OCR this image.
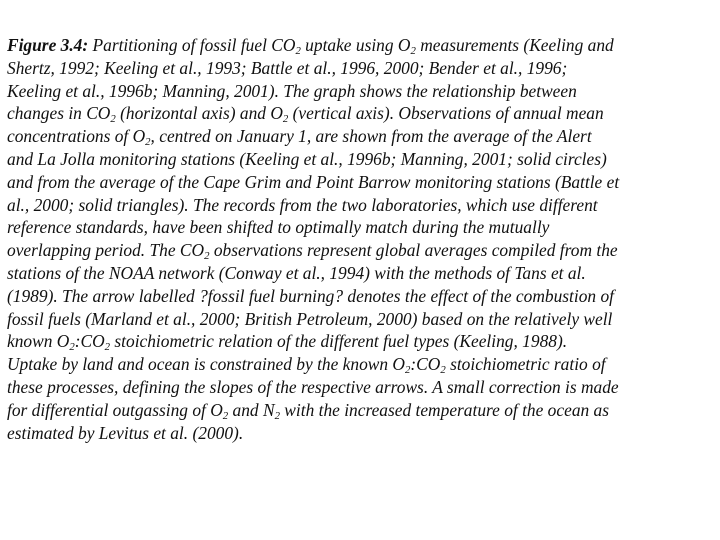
Figure 3.4: Partitioning of fossil fuel $CO_2$ uptake using $O_2$ measurements (Keeling and
Shertz, 1992; Keeling et al., 1993; Battle et al., 1996, 2000; Bender et al., 1996;
Keeling et al., 1996b; Manning, 2001). The graph shows the relationship between
changes in $CO_2$ (horizontal axis) and $O_2$ (vertical axis). Observations of annual mean
concentrations of $O_2$, centred on January 1, are shown from the average of the Alert
and La Jolla monitoring stations (Keeling et al., 1996b; Manning, 2001; solid circles)
and from the average of the Cape Grim and Point Barrow monitoring stations (Battle et
al., 2000; solid triangles). The records from the two laboratories, which use different
reference standards, have been shifted to optimally match during the mutually
overlapping period. The $CO_2$ observations represent global averages compiled from the
stations of the NOAA network (Conway et al., 1994) with the methods of Tans et al.
(1989). The arrow labelled ?fossil fuel burning? denotes the effect of the combustion of
fossil fuels (Marland et al., 2000; British Petroleum, 2000) based on the relatively well
known $O_2:CO_2$ stoichiometric relation of the different fuel types (Keeling, 1988).
Uptake by land and ocean is constrained by the known $O_2:CO_2$ stoichiometric ratio of
these processes, defining the slopes of the respective arrows. A small correction is made
for differential outgassing of $O_2$ and $N_2$ with the increased temperature of the ocean as
estimated by Levitus et al. (2000).
